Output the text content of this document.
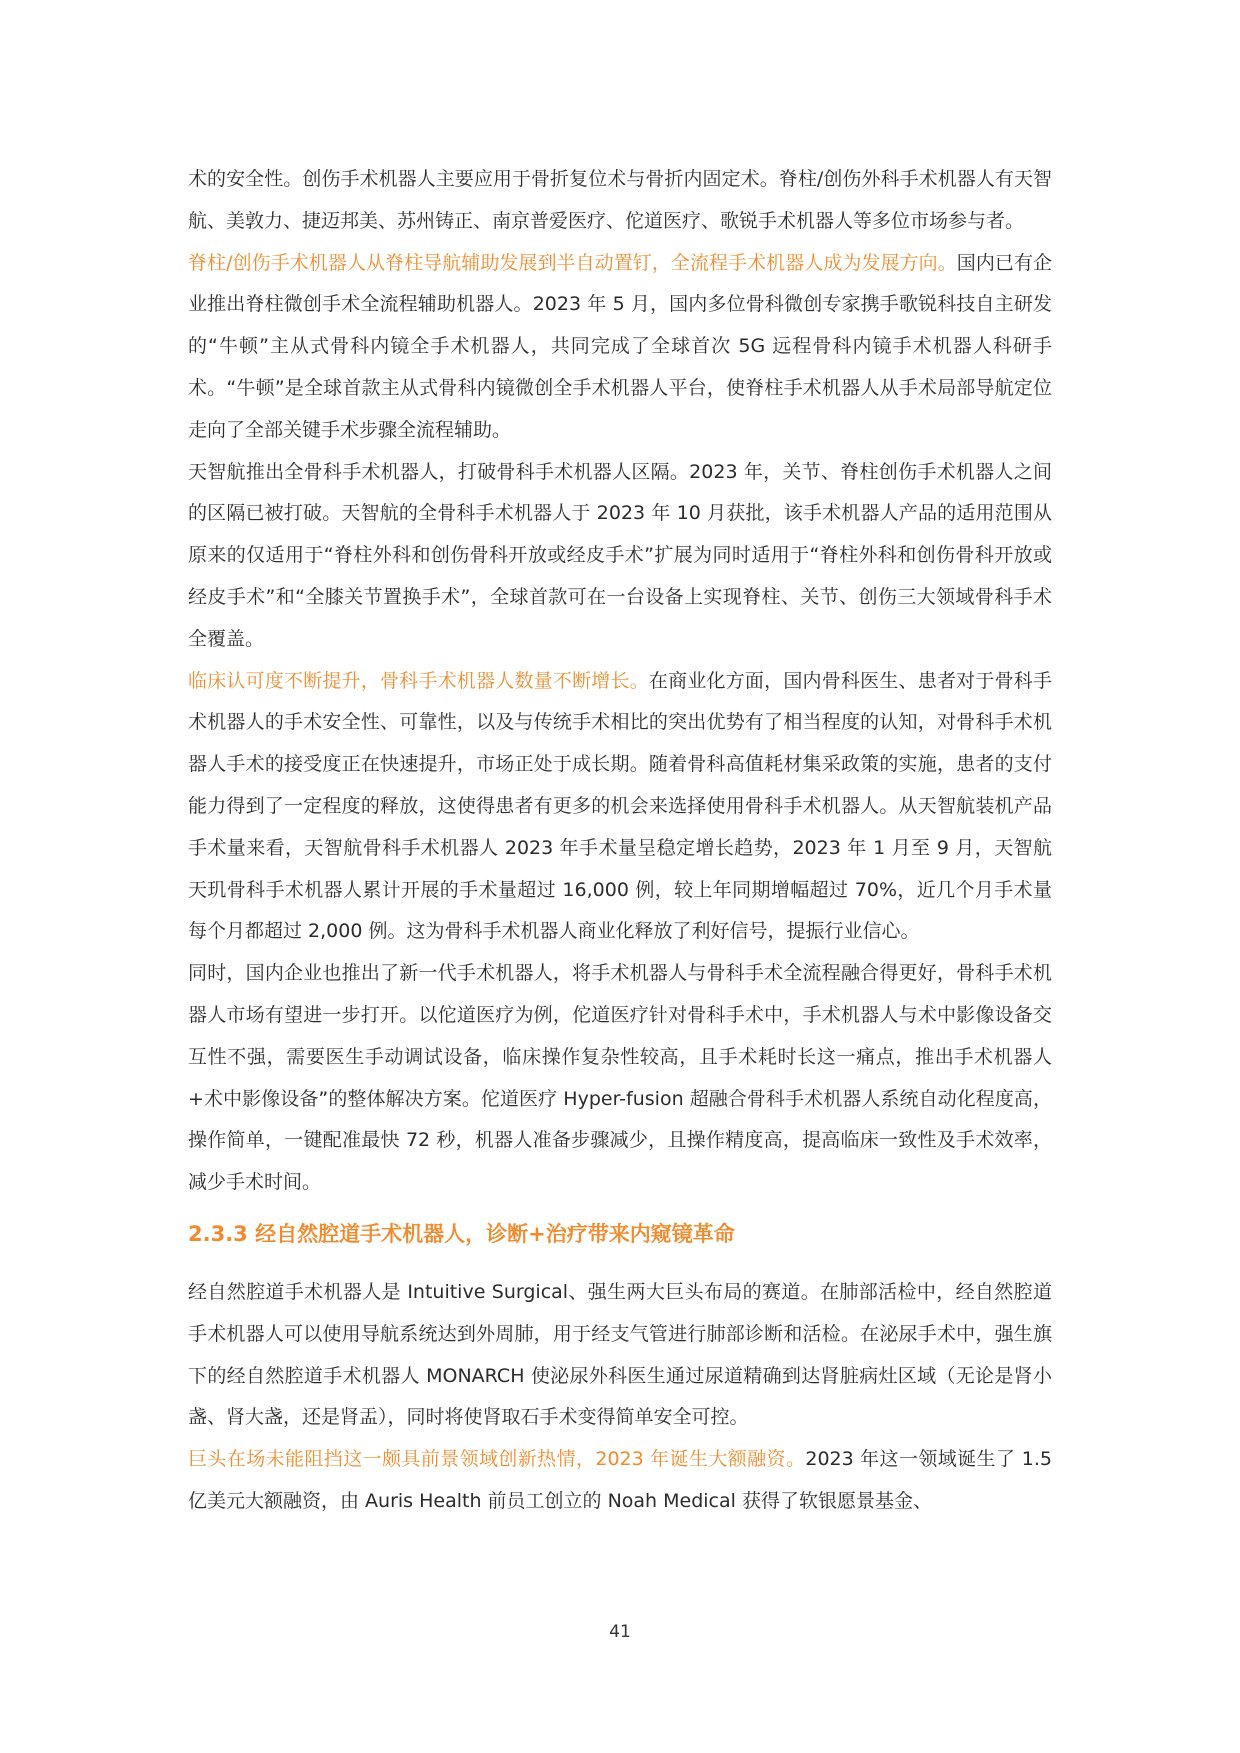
术的安全性。创伤手术机器人主要应用于骨折复位术与骨折内固定术。脊柱/创伤外科手术机器人有天智航、美敦力、捷迈邦美、苏州铸正、南京普爱医疗、佗道医疗、歌锐手术机器人等多位市场参与者。

脊柱/创伤手术机器人从脊柱导航辅助发展到半自动置钉，全流程手术机器人成为发展方向。国内已有企业推出脊柱微创手术全流程辅助机器人。2023 年 5 月，国内多位骨科微创专家携手歌锐科技自主研发的“牛顿”主从式骨科内镜全手术机器人，共同完成了全球首次 5G 远程骨科内镜手术机器人科研手术。“牛顿”是全球首款主从式骨科内镜微创全手术机器人平台，使脊柱手术机器人从手术局部导航定位走向了全部关键手术步骤全流程辅助。

天智航推出全骨科手术机器人，打破骨科手术机器人区隔。2023 年，关节、脊柱创伤手术机器人之间的区隔已被打破。天智航的全骨科手术机器人于 2023 年 10 月获批，该手术机器人产品的适用范围从原来的仅适用于“脊柱外科和创伤骨科开放或经皮手术”扩展为同时适用于“脊柱外科和创伤骨科开放或经皮手术”和“全膝关节置换手术”，全球首款可在一台设备上实现脊柱、关节、创伤三大领域骨科手术全覆盖。

临床认可度不断提升，骨科手术机器人数量不断增长。在商业化方面，国内骨科医生、患者对于骨科手术机器人的手术安全性、可靠性，以及与传统手术相比的突出优势有了相当程度的认知，对骨科手术机器人手术的接受度正在快速提升，市场正处于成长期。随着骨科高值耗材集采政策的实施，患者的支付能力得到了一定程度的释放，这使得患者有更多的机会来选择使用骨科手术机器人。从天智航装机产品手术量来看，天智航骨科手术机器人 2023 年手术量呈稳定增长趋势，2023 年 1 月至 9 月，天智航天玑骨科手术机器人累计开展的手术量超过 16,000 例，较上年同期增幅超过 70%，近几个月手术量每个月都超过 2,000 例。这为骨科手术机器人商业化释放了利好信号，提振行业信心。

同时，国内企业也推出了新一代手术机器人，将手术机器人与骨科手术全流程融合得更好，骨科手术机器人市场有望进一步打开。以佗道医疗为例，佗道医疗针对骨科手术中，手术机器人与术中影像设备交互性不强，需要医生手动调试设备，临床操作复杂性较高，且手术耗时长这一痛点，推出手术机器人+术中影像设备”的整体解决方案。佗道医疗 Hyper-fusion 超融合骨科手术机器人系统自动化程度高，操作简单，一键配准最快 72 秒，机器人准备步骤减少，且操作精度高，提高临床一致性及手术效率，减少手术时间。

2.3.3 经自然腔道手术机器人，诊断+治疗带来内窥镜革命

经自然腔道手术机器人是 Intuitive Surgical、强生两大巨头布局的赛道。在肺部活检中，经自然腔道手术机器人可以使用导航系统达到外周肺，用于经支气管进行肺部诊断和活检。在泌尿手术中，强生旗下的经自然腔道手术机器人 MONARCH 使泌尿外科医生通过尿道精确到达肾脏病灶区域（无论是肾小盏、肾大盏，还是肾盂），同时将使肾取石手术变得简单安全可控。

巨头在场未能阻挡这一颇具前景领域创新热情，2023 年诞生大额融资。2023 年这一领域诞生了 1.5 亿美元大额融资，由 Auris Health 前员工创立的 Noah Medical 获得了软银愿景基金、

41
